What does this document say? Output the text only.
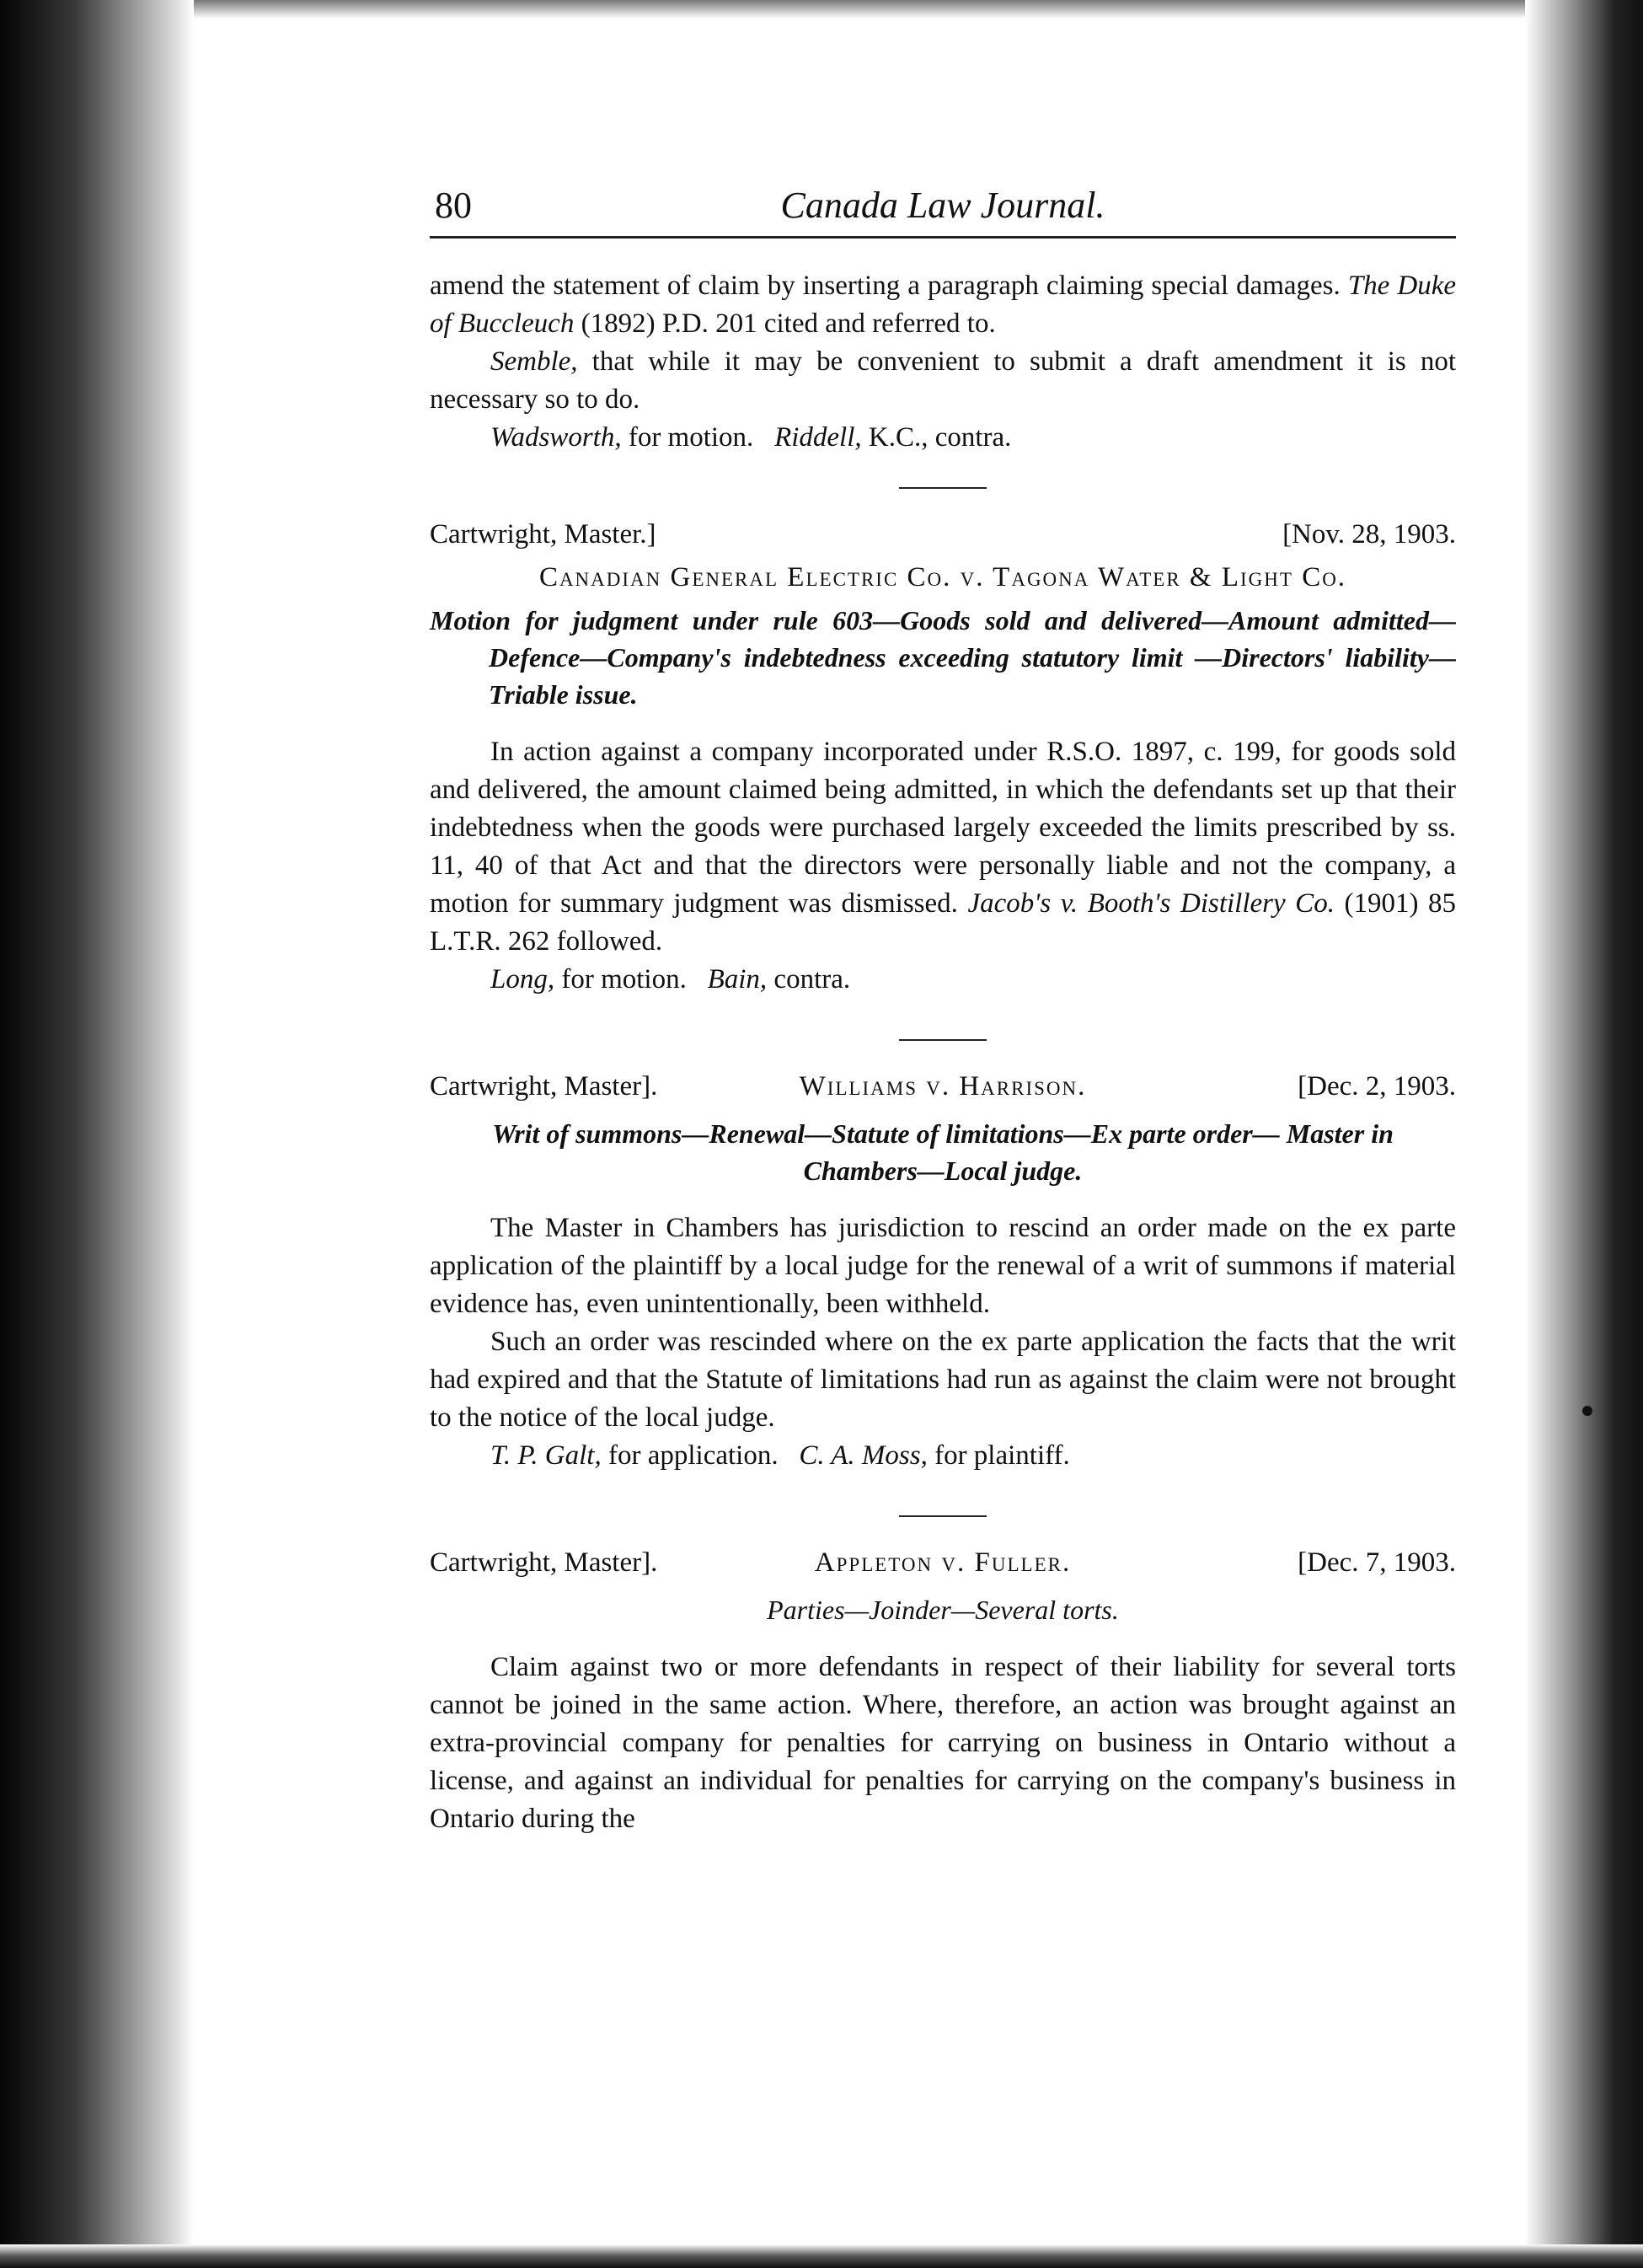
80	Canada Law Journal.

amend the statement of claim by inserting a paragraph claiming special damages. The Duke of Buccleuch (1892) P.D. 201 cited and referred to.

Semble, that while it may be convenient to submit a draft amendment it is not necessary so to do.

Wadsworth, for motion. Riddell, K.C., contra.

Cartwright, Master.]	[Nov. 28, 1903.
Canadian General Electric Co. v. Tagona Water & Light Co.

Motion for judgment under rule 603—Goods sold and delivered—Amount admitted—Defence—Company's indebtedness exceeding statutory limit —Directors' liability—Triable issue.

In action against a company incorporated under R.S.O. 1897, c. 199, for goods sold and delivered, the amount claimed being admitted, in which the defendants set up that their indebtedness when the goods were purchased largely exceeded the limits prescribed by ss. 11, 40 of that Act and that the directors were personally liable and not the company, a motion for summary judgment was dismissed. Jacob's v. Booth's Distillery Co. (1901) 85 L.T.R. 262 followed.

Long, for motion. Bain, contra.

Cartwright, Master].	Williams v. Harrison.	[Dec. 2, 1903.

Writ of summons—Renewal—Statute of limitations—Ex parte order— Master in Chambers—Local judge.

The Master in Chambers has jurisdiction to rescind an order made on the ex parte application of the plaintiff by a local judge for the renewal of a writ of summons if material evidence has, even unintentionally, been withheld.

Such an order was rescinded where on the ex parte application the facts that the writ had expired and that the Statute of limitations had run as against the claim were not brought to the notice of the local judge.

T. P. Galt, for application. C. A. Moss, for plaintiff.

Cartwright, Master].	Appleton v. Fuller.	[Dec. 7, 1903.

Parties—Joinder—Several torts.

Claim against two or more defendants in respect of their liability for several torts cannot be joined in the same action. Where, therefore, an action was brought against an extra-provincial company for penalties for carrying on business in Ontario without a license, and against an individual for penalties for carrying on the company's business in Ontario during the
